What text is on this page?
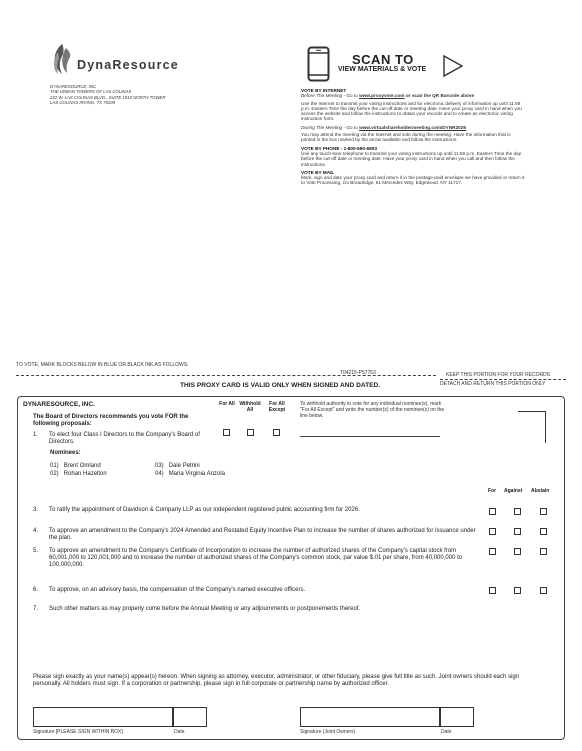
DynaResource
DYNARESOURCE, INC
THE URBAN TOWERS OF LAS COLINAS
222 W. LAS COLINAS BLVD., SUITE 1910 NORTH TOWER
LAS COLINAS IRVING, TX 75039
SCAN TO
VIEW MATERIALS & VOTE
VOTE BY INTERNET
Before The Meeting - Go to www.proxyvote.com or scan the QR Barcode above
Use the Internet to transmit your voting instructions and for electronic delivery of information up until 11:59 p.m. Eastern Time the day before the cut-off date or meeting date. Have your proxy card in hand when you access the website and follow the instructions to obtain your records and to create an electronic voting instruction form.
During The Meeting - Go to www.virtualshareholdermeeting.com/DYNR2026
You may attend the meeting via the Internet and vote during the meeting. Have the information that is printed in the box marked by the arrow available and follow the instructions.
VOTE BY PHONE - 1-800-690-6903
Use any touch-tone telephone to transmit your voting instructions up until 11:59 p.m. Eastern Time the day before the cut-off date or meeting date. Have your proxy card in hand when you call and then follow the instructions.
VOTE BY MAIL
Mark, sign and date your proxy card and return it in the postage-paid envelope we have provided or return it to Vote Processing, c/o Broadridge, 51 Mercedes Way, Edgewood, NY 11717.
TO VOTE, MARK BLOCKS BELOW IN BLUE OR BLACK INK AS FOLLOWS:
T04215-P57763	KEEP THIS PORTION FOR YOUR RECORDS
DETACH AND RETURN THIS PORTION ONLY
THIS PROXY CARD IS VALID ONLY WHEN SIGNED AND DATED.
DYNARESOURCE, INC.
The Board of Directors recommends you vote FOR the following proposals:
For All Withhold All
For All Except
To withhold authority to vote for any individual nominee(s), mark "For All Except" and write the number(s) of the nominee(s) on the line below.
1. To elect four Class I Directors to the Company's Board of Directors.
Nominees:
01) Brent Omland
02) Rohan Hazelton
03) Dale Petrini
04) Maria Virginia Anzola
For Against Abstain
3. To ratify the appointment of Davidson & Company LLP as our independent registered public accounting firm for 2026.
4. To approve an amendment to the Company's 2024 Amended and Restated Equity Incentive Plan to increase the number of shares authorized for issuance under the plan.
5. To approve an amendment to the Company's Certificate of Incorporation to increase the number of authorized shares of the Company's capital stock from 60,001,000 to 120,001,000 and to increase the number of authorized shares of the Company's common stock, par value $.01 per share, from 40,000,000 to 100,000,000.
6. To approve, on an advisory basis, the compensation of the Company's named executive officers.
7. Such other matters as may properly come before the Annual Meeting or any adjournments or postponements thereof.
Please sign exactly as your name(s) appear(s) hereon. When signing as attorney, executor, administrator, or other fiduciary, please give full title as such. Joint owners should each sign personally. All holders must sign. If a corporation or partnership, please sign in full corporate or partnership name by authorized officer.
Signature [PLEASE SIGN WITHIN BOX]	Date	Signature (Joint Owners)	Date
